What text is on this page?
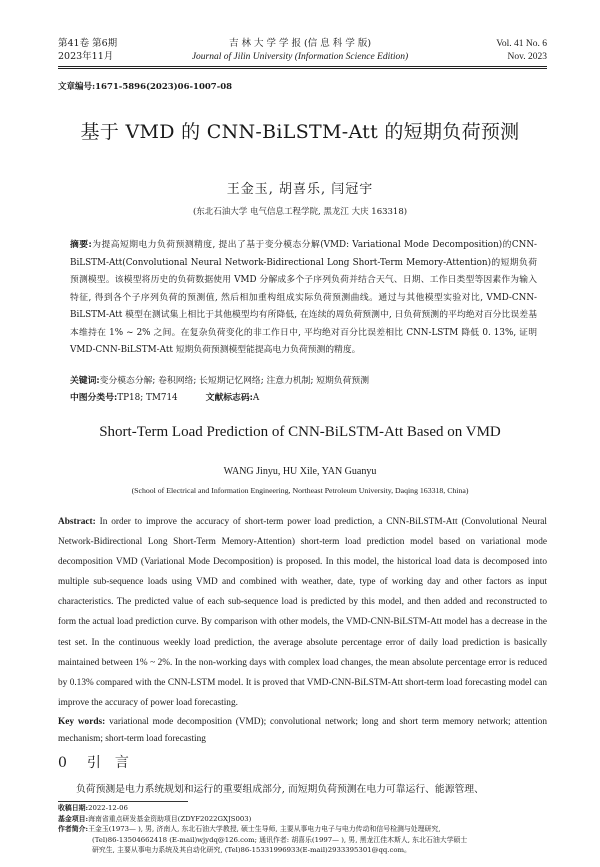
第41卷 第6期
2023年11月
吉 林 大 学 学 报 (信 息 科 学 版)
Journal of Jilin University (Information Science Edition)
Vol. 41 No. 6
Nov. 2023
文章编号:1671-5896(2023)06-1007-08
基于 VMD 的 CNN-BiLSTM-Att 的短期负荷预测
王金玉, 胡喜乐, 闫冠宇
(东北石油大学 电气信息工程学院, 黑龙江 大庆 163318)
摘要:为提高短期电力负荷预测精度, 提出了基于变分模态分解(VMD: Variational Mode Decomposition)的CNN-BiLSTM-Att(Convolutional Neural Network-Bidirectional Long Short-Term Memory-Attention)的短期负荷预测模型。该模型将历史的负荷数据使用 VMD 分解成多个子序列负荷并结合天气、日期、工作日类型等因素作为输入特征, 得到各个子序列负荷的预测值, 然后相加重构组成实际负荷预测曲线。通过与其他模型实验对比, VMD-CNN-BiLSTM-Att 模型在测试集上相比于其他模型均有所降低, 在连续的周负荷预测中, 日负荷预测的平均绝对百分比误差基本维持在 1% ~ 2% 之间。在复杂负荷变化的非工作日中, 平均绝对百分比误差相比 CNN-LSTM 降低 0. 13%, 证明 VMD-CNN-BiLSTM-Att 短期负荷预测模型能提高电力负荷预测的精度。
关键词:变分模态分解; 卷积网络; 长短期记忆网络; 注意力机制; 短期负荷预测
中图分类号:TP18; TM714	文献标志码:A
Short-Term Load Prediction of CNN-BiLSTM-Att Based on VMD
WANG Jinyu, HU Xile, YAN Guanyu
(School of Electrical and Information Engineering, Northeast Petroleum University, Daqing 163318, China)
Abstract: In order to improve the accuracy of short-term power load prediction, a CNN-BiLSTM-Att (Convolutional Neural Network-Bidirectional Long Short-Term Memory-Attention) short-term load prediction model based on variational mode decomposition VMD (Variational Mode Decomposition) is proposed. In this model, the historical load data is decomposed into multiple sub-sequence loads using VMD and combined with weather, date, type of working day and other factors as input characteristics. The predicted value of each sub-sequence load is predicted by this model, and then added and reconstructed to form the actual load prediction curve. By comparison with other models, the VMD-CNN-BiLSTM-Att model has a decrease in the test set. In the continuous weekly load prediction, the average absolute percentage error of daily load prediction is basically maintained between 1% ~ 2%. In the non-working days with complex load changes, the mean absolute percentage error is reduced by 0.13% compared with the CNN-LSTM model. It is proved that VMD-CNN-BiLSTM-Att short-term load forecasting model can improve the accuracy of power load forecasting.
Key words: variational mode decomposition (VMD); convolutional network; long and short term memory network; attention mechanism; short-term load forecasting
0 引　言
负荷预测是电力系统规划和运行的重要组成部分, 而短期负荷预测在电力可靠运行、能源管理、
收稿日期:2022-12-06
基金项目:海南省重点研发基金资助项目(ZDYF2022GXJS003)
作者简介:王金玉(1973— ), 男, 济南人, 东北石油大学教授, 硕士生导师, 主要从事电力电子与电力传动和信号检测与处理研究,
(Tel)86-13504662418 (E-mail)wjydq@126.com; 通讯作者: 胡喜乐(1997— ), 男, 黑龙江佳木斯人, 东北石油大学硕士
研究生, 主要从事电力系统及其自动化研究, (Tel)86-15331996933(E-mail)2933395301@qq.com。
